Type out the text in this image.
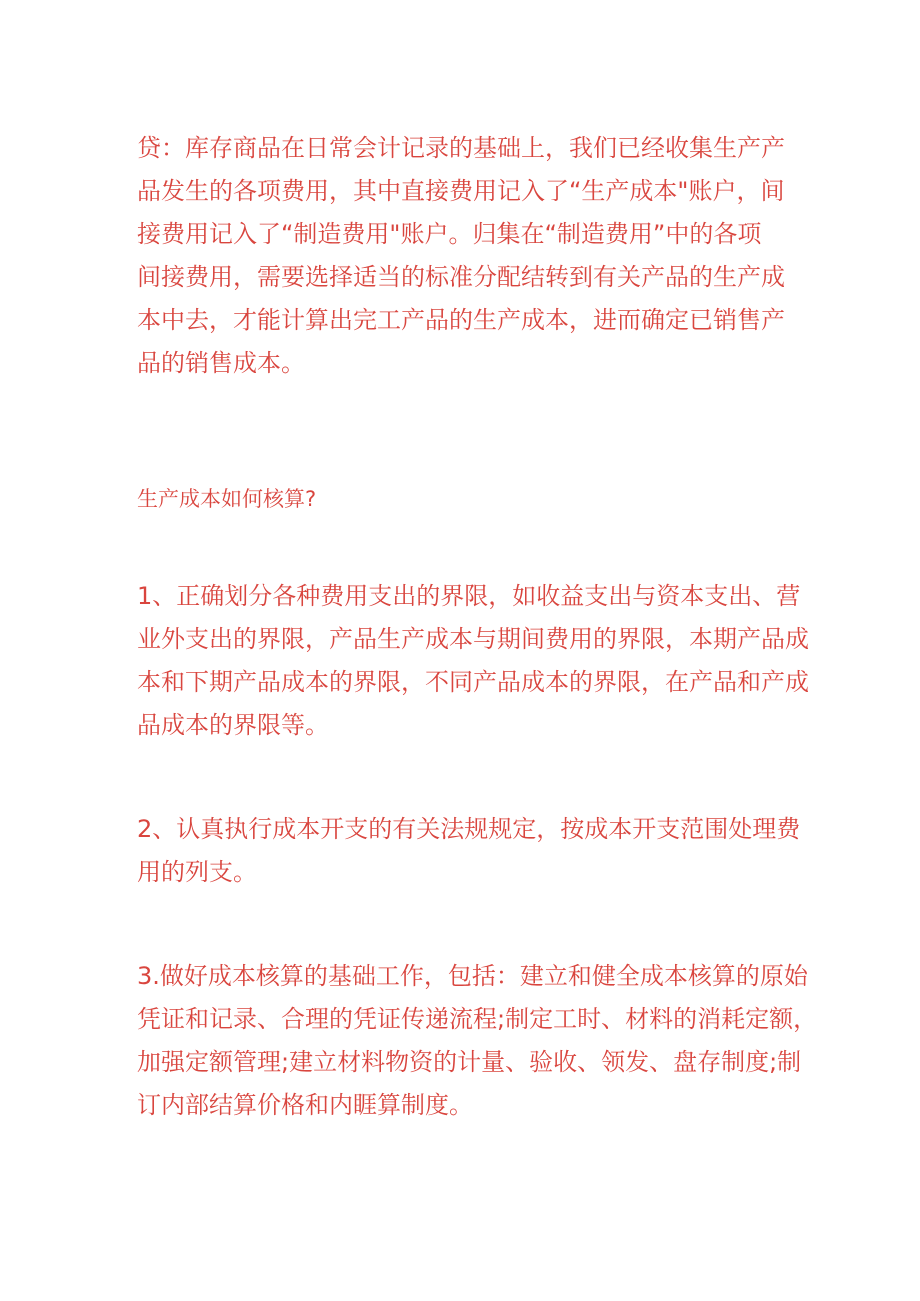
贷：库存商品在日常会计记录的基础上，我们已经收集生产产
品发生的各项费用，其中直接费用记入了“生产成本"账户，间
接费用记入了“制造费用"账户。归集在“制造费用”中的各项
间接费用，需要选择适当的标准分配结转到有关产品的生产成
本中去，才能计算出完工产品的生产成本，进而确定已销售产
品的销售成本。

生产成本如何核算?

1、正确划分各种费用支出的界限，如收益支出与资本支出、营
业外支出的界限，产品生产成本与期间费用的界限，本期产品成
本和下期产品成本的界限，不同产品成本的界限，在产品和产成
品成本的界限等。

2、认真执行成本开支的有关法规规定，按成本开支范围处理费
用的列支。

3.做好成本核算的基础工作，包括：建立和健全成本核算的原始
凭证和记录、合理的凭证传递流程;制定工时、材料的消耗定额，
加强定额管理;建立材料物资的计量、验收、领发、盘存制度;制
订内部结算价格和内睚算制度。
